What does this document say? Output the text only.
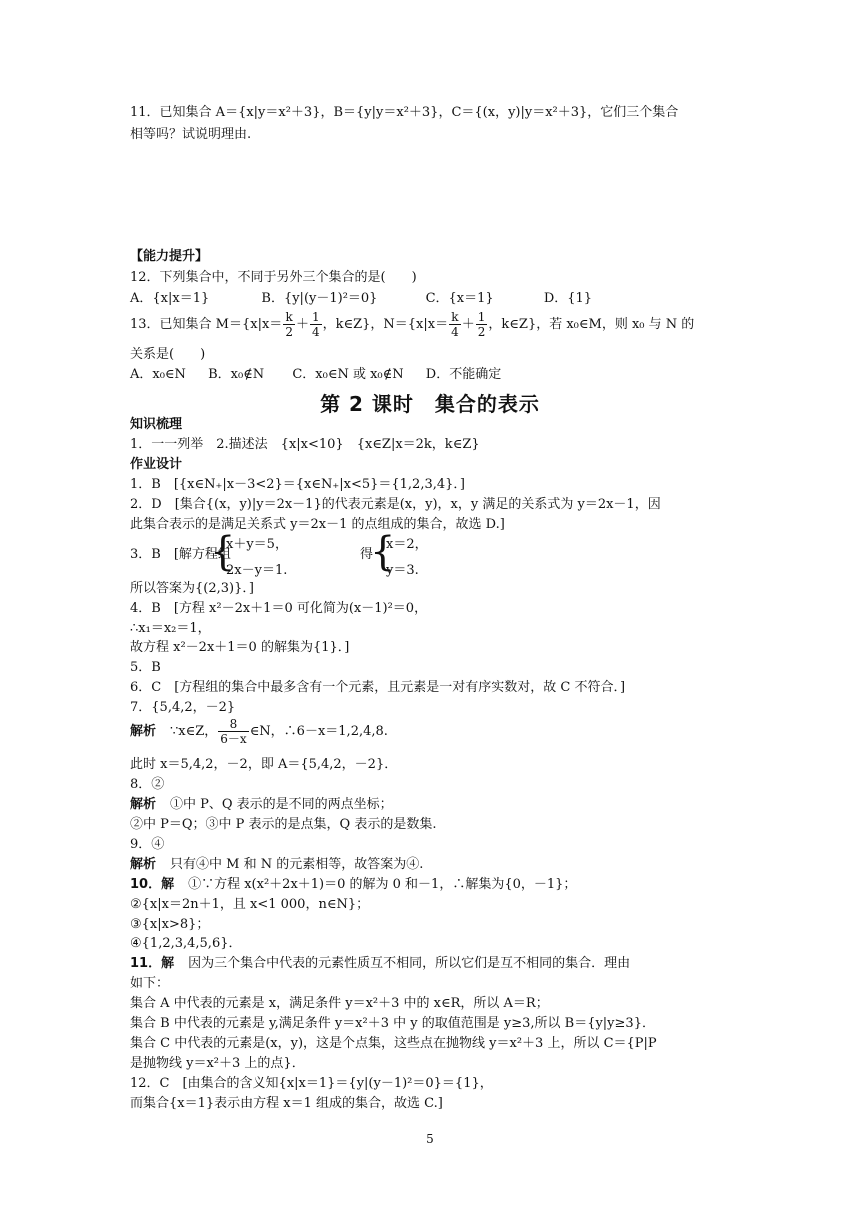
11．已知集合 A＝{x|y＝x²＋3}，B＝{y|y＝x²＋3}，C＝{(x，y)|y＝x²＋3}，它们三个集合
相等吗？试说明理由.
【能力提升】
12．下列集合中，不同于另外三个集合的是(　　)
A．{x|x＝1}	B．{y|(y－1)²＝0}	C．{x＝1}	D．{1}
13．已知集合 $M=\{x|x= \frac{k}{2} + \frac{1}{4}$ ，k∈Z}，$N=\{x|x= \frac{k}{4} + \frac{1}{2}$ ，k∈Z}，若 x₀∈M，则 x₀ 与 N 的
关系是(　　)
A．x₀∈N B．x₀∉N C．x₀∈N 或 x₀∉N D．不能确定
第 2 课时　集合的表示
知识梳理
1．一一列举　2.描述法　{x|x<10}　{x∈Z|x＝2k，k∈Z}
作业设计
1．B　[{x∈N₊|x－3<2}＝{x∈N₊|x<5}＝{1,2,3,4}．]
2．D　[集合{(x，y)|y＝2x－1}的代表元素是(x，y)，x，y 满足的关系式为 y＝2x－1，因
此集合表示的是满足关系式 y＝2x－1 的点组成的集合，故选 D.]
3．B　[解方程组
{
x＋y＝5，
2x－y＝1.
得
{
x＝2，
y＝3.
所以答案为{(2,3)}．]
4．B　[方程 x²－2x＋1＝0 可化简为(x－1)²＝0，
∴x₁＝x₂＝1，
故方程 x²－2x＋1＝0 的解集为{1}．]
5．B
6．C　[方程组的集合中最多含有一个元素，且元素是一对有序实数对，故 C 不符合．]
7．{5,4,2，－2}
解析 ∵x∈Z， $\frac{8}{6-x}$ ∈N，∴6－x＝1,2,4,8.
此时 x＝5,4,2，－2，即 A＝{5,4,2，－2}．
8．②
解析 ①中 P、Q 表示的是不同的两点坐标；
②中 P＝Q；③中 P 表示的是点集，Q 表示的是数集.
9．④
解析 只有④中 M 和 N 的元素相等，故答案为④.
10．解 ①∵方程 x(x²＋2x＋1)＝0 的解为 0 和－1，∴解集为{0，－1}；
②{x|x＝2n＋1，且 x<1 000，n∈N}；
③{x|x>8}；
④{1,2,3,4,5,6}．
11．解 因为三个集合中代表的元素性质互不相同，所以它们是互不相同的集合．理由
如下：
集合 A 中代表的元素是 x，满足条件 y＝x²＋3 中的 x∈R，所以 A＝R；
集合 B 中代表的元素是 y,满足条件 y＝x²＋3 中 y 的取值范围是 y≥3,所以 B＝{y|y≥3}．
集合 C 中代表的元素是(x，y)，这是个点集，这些点在抛物线 y＝x²＋3 上，所以 C＝{P|P
是抛物线 y＝x²＋3 上的点}．
12．C　[由集合的含义知{x|x＝1}＝{y|(y－1)²＝0}＝{1}，
而集合{x＝1}表示由方程 x＝1 组成的集合，故选 C.]
5
